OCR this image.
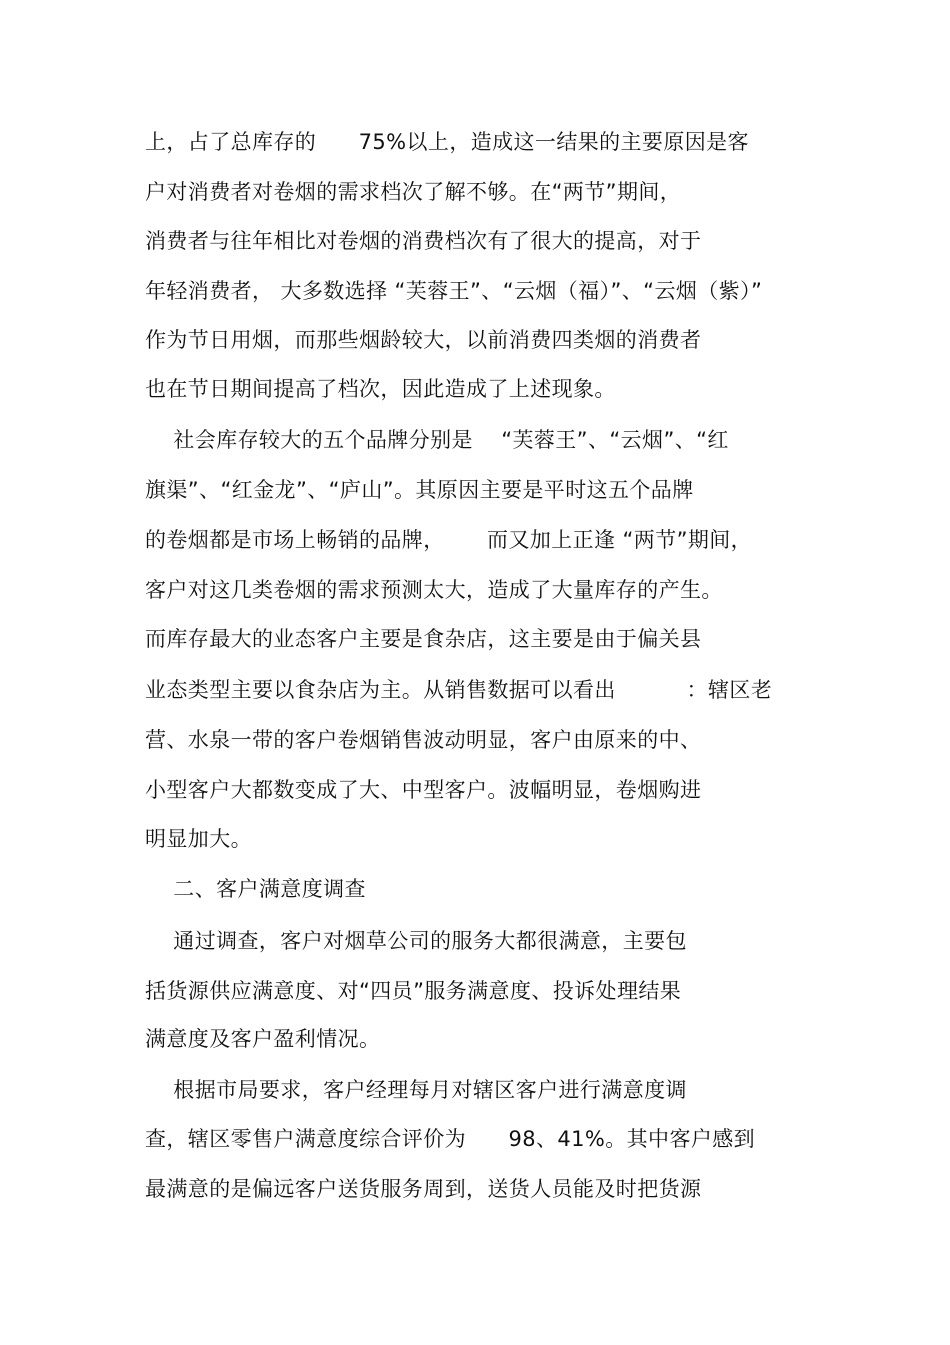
上，占了总库存的      75%以上，造成这一结果的主要原因是客
户对消费者对卷烟的需求档次了解不够。在“两节”期间，
消费者与往年相比对卷烟的消费档次有了很大的提高，对于
年轻消费者， 大多数选择 “芙蓉王”、“云烟（福）”、“云烟（紫）”
作为节日用烟，而那些烟龄较大，以前消费四类烟的消费者
也在节日期间提高了档次，因此造成了上述现象。
社会库存较大的五个品牌分别是    “芙蓉王”、“云烟”、“红
旗渠”、“红金龙”、“庐山”。其原因主要是平时这五个品牌
的卷烟都是市场上畅销的品牌，      而又加上正逢 “两节”期间，
客户对这几类卷烟的需求预测太大，造成了大量库存的产生。
而库存最大的业态客户主要是食杂店，这主要是由于偏关县
业态类型主要以食杂店为主。从销售数据可以看出          ：辖区老
营、水泉一带的客户卷烟销售波动明显，客户由原来的中、
小型客户大都数变成了大、中型客户。波幅明显，卷烟购进
明显加大。
二、客户满意度调查
通过调查，客户对烟草公司的服务大都很满意，主要包
括货源供应满意度、对“四员”服务满意度、投诉处理结果
满意度及客户盈利情况。
根据市局要求，客户经理每月对辖区客户进行满意度调
查，辖区零售户满意度综合评价为      98、41%。其中客户感到
最满意的是偏远客户送货服务周到，送货人员能及时把货源
